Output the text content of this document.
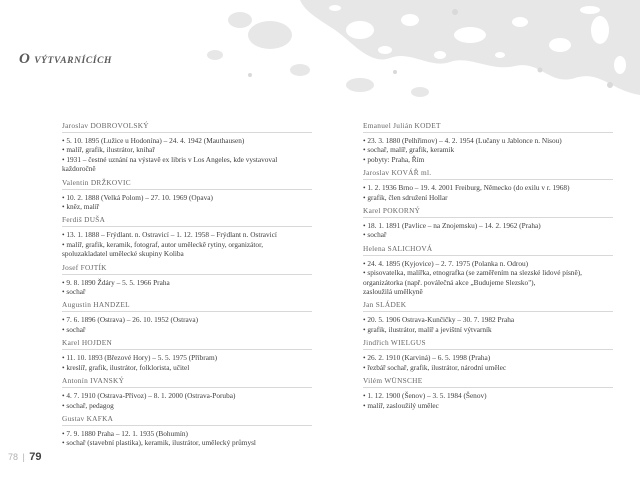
O VÝTVARNÍCÍCH
Jaroslav DOBROVOLSKÝ
• 5. 10. 1895 (Lužice u Hodonína) – 24. 4. 1942 (Mauthausen)
• malíř, grafik, ilustrátor, knihař
• 1931 – čestné uznání na výstavě ex libris v Los Angeles, kde vystavoval
každoročně
Valentin DRŽKOVIC
• 10. 2. 1888 (Velká Polom) – 27. 10. 1969 (Opava)
• kněz, malíř
Ferdiš DUŠA
• 13. 1. 1888 – Frýdlant. n. Ostravicí – 1. 12. 1958 – Frýdlant n. Ostravicí
• malíř, grafik, keramik, fotograf, autor uměleckě rytiny, organizátor,
spoluzakladatel umělecké skupiny Koliba
Josef FOJTÍK
• 9. 8. 1890 Ždáry – 5. 5. 1966 Praha
• sochař
Augustin HANDZEL
• 7. 6. 1896 (Ostrava) – 26. 10. 1952 (Ostrava)
• sochař
Karel HOJDEN
• 11. 10. 1893 (Březové Hory) – 5. 5. 1975 (Příbram)
• kreslíř, grafik, ilustrátor, folklorista, učitel
Antonín IVANSKÝ
• 4. 7. 1910 (Ostrava-Přívoz) – 8. 1. 2000 (Ostrava-Poruba)
• sochař, pedagog
Gustav KAFKA
• 7. 9. 1880 Praha – 12. 1. 1935 (Bohumín)
• sochař (stavební plastika), keramik, ilustrátor, umělecký průmysl
Emanuel Julián KODET
• 23. 3. 1880 (Pelhřimov) – 4. 2. 1954 (Lučany u Jablonce n. Nisou)
• sochař, malíř, grafik, keramik
• pobyty: Praha, Řím
Jaroslav KOVÁŘ ml.
• 1. 2. 1936 Brno – 19. 4. 2001 Freiburg, Německo (do exilu v r. 1968)
• grafik, člen sdružení Hollar
Karel POKORNÝ
• 18. 1. 1891 (Pavlice – na Znojemsku) – 14. 2. 1962 (Praha)
• sochař
Helena SALICHOVÁ
• 24. 4. 1895 (Kyjovice) – 2. 7. 1975 (Polanka n. Odrou)
• spisovatelka, malířka, etnografka (se zaměřením na slezské lidové písně),
organizátorka (např. poválečná akce „Budujeme Slezsko"),
zasloužilá umělkyně
Jan SLÁDEK
• 20. 5. 1906 Ostrava-Kunčičky – 30. 7. 1982 Praha
• grafik, ilustrátor, malíř a jevištní výtvarník
Jindřich WIELGUS
• 26. 2. 1910 (Karviná) – 6. 5. 1998 (Praha)
• řezbář sochař, grafik, ilustrátor, národní umělec
Vilém WÜNSCHE
• 1. 12. 1900 (Šenov) – 3. 5. 1984 (Šenov)
• malíř, zasloužilý umělec
78 | 79
